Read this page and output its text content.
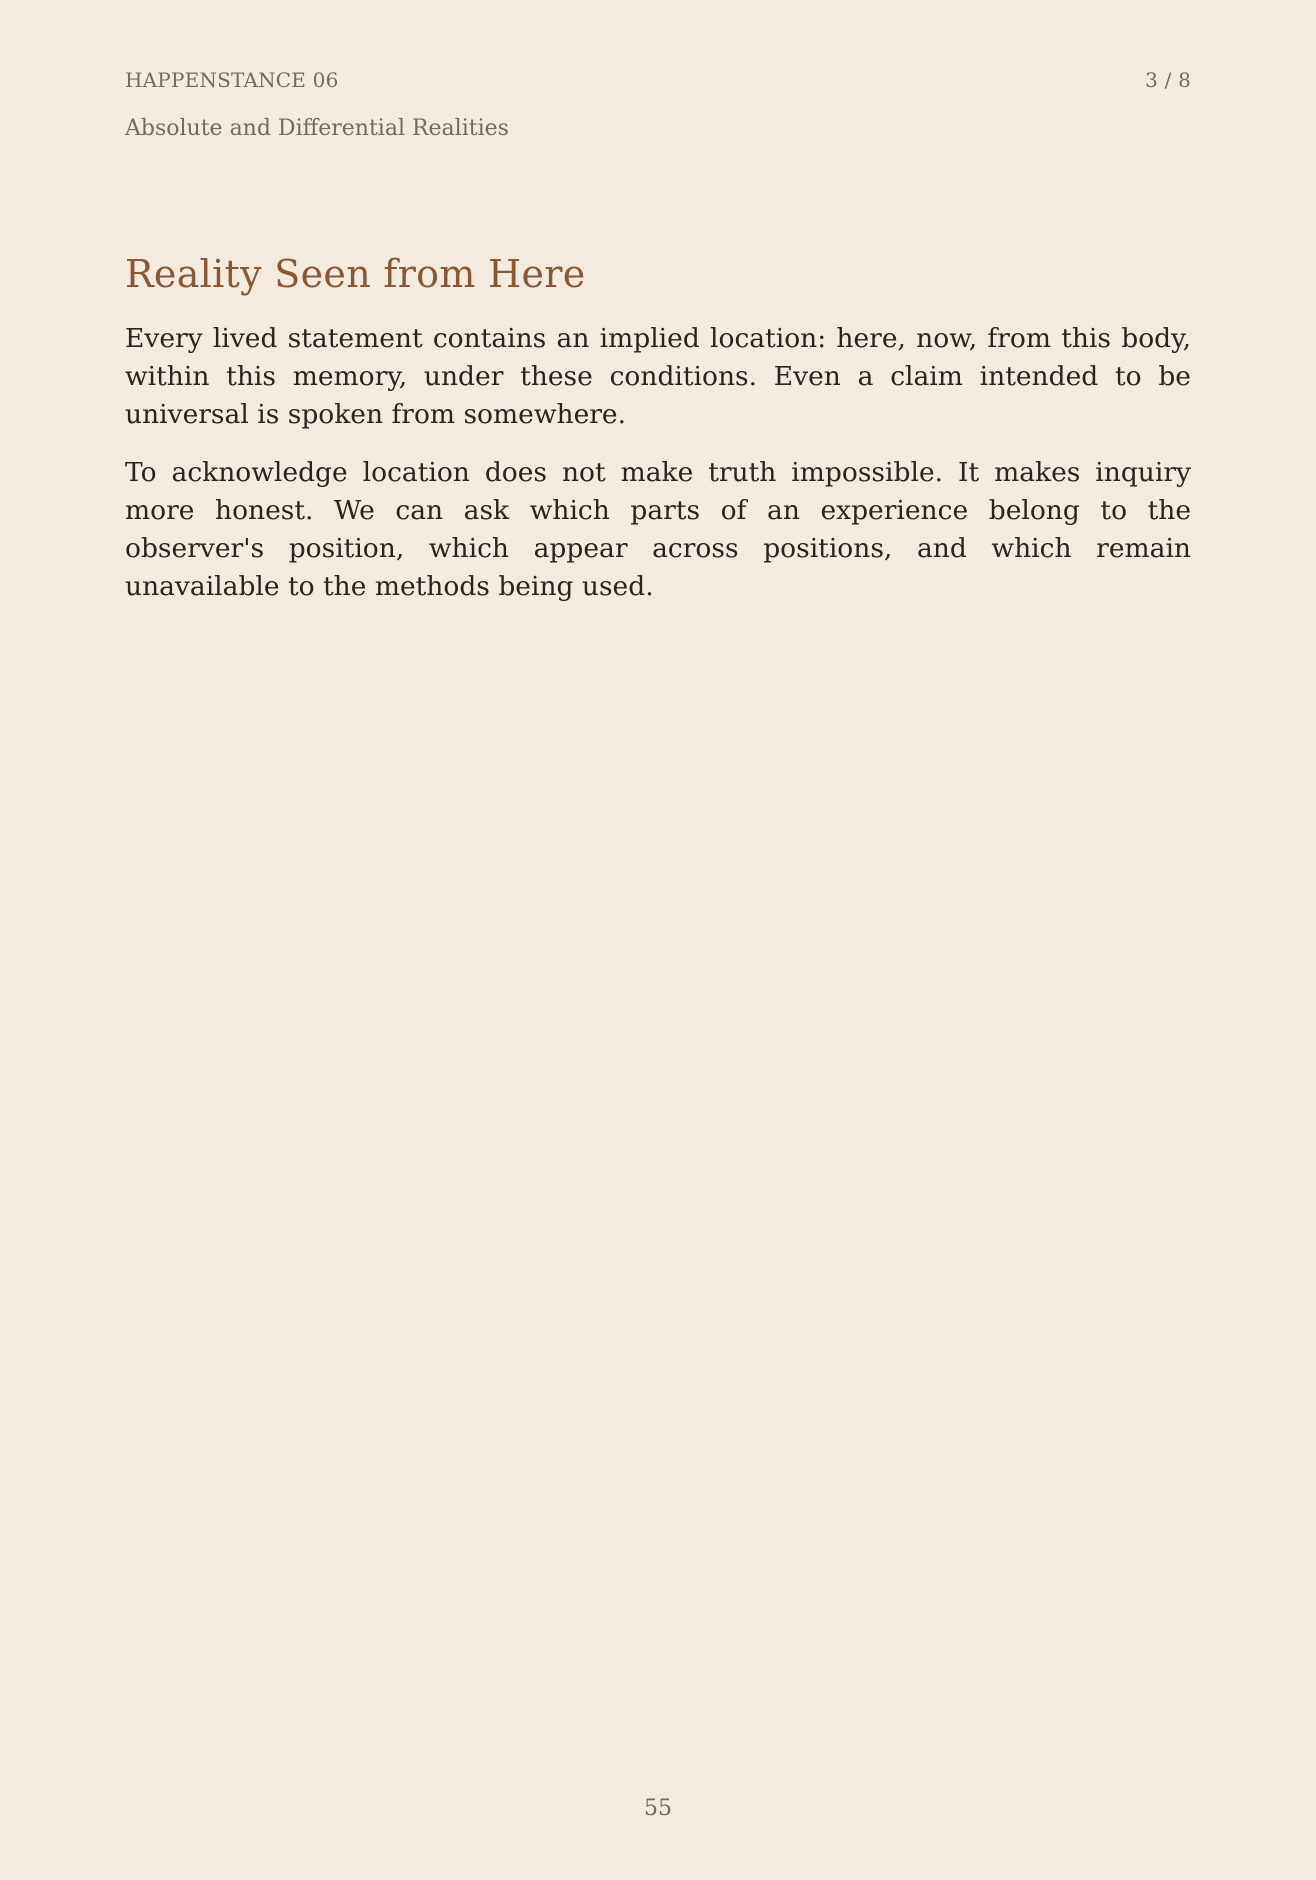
HAPPENSTANCE 06	3 / 8
Absolute and Differential Realities
Reality Seen from Here

Every lived statement contains an implied location: here, now, from this body, within this memory, under these conditions. Even a claim intended to be universal is spoken from somewhere.

To acknowledge location does not make truth impossible. It makes inquiry more honest. We can ask which parts of an experience belong to the observer's position, which appear across positions, and which remain unavailable to the methods being used.

55
